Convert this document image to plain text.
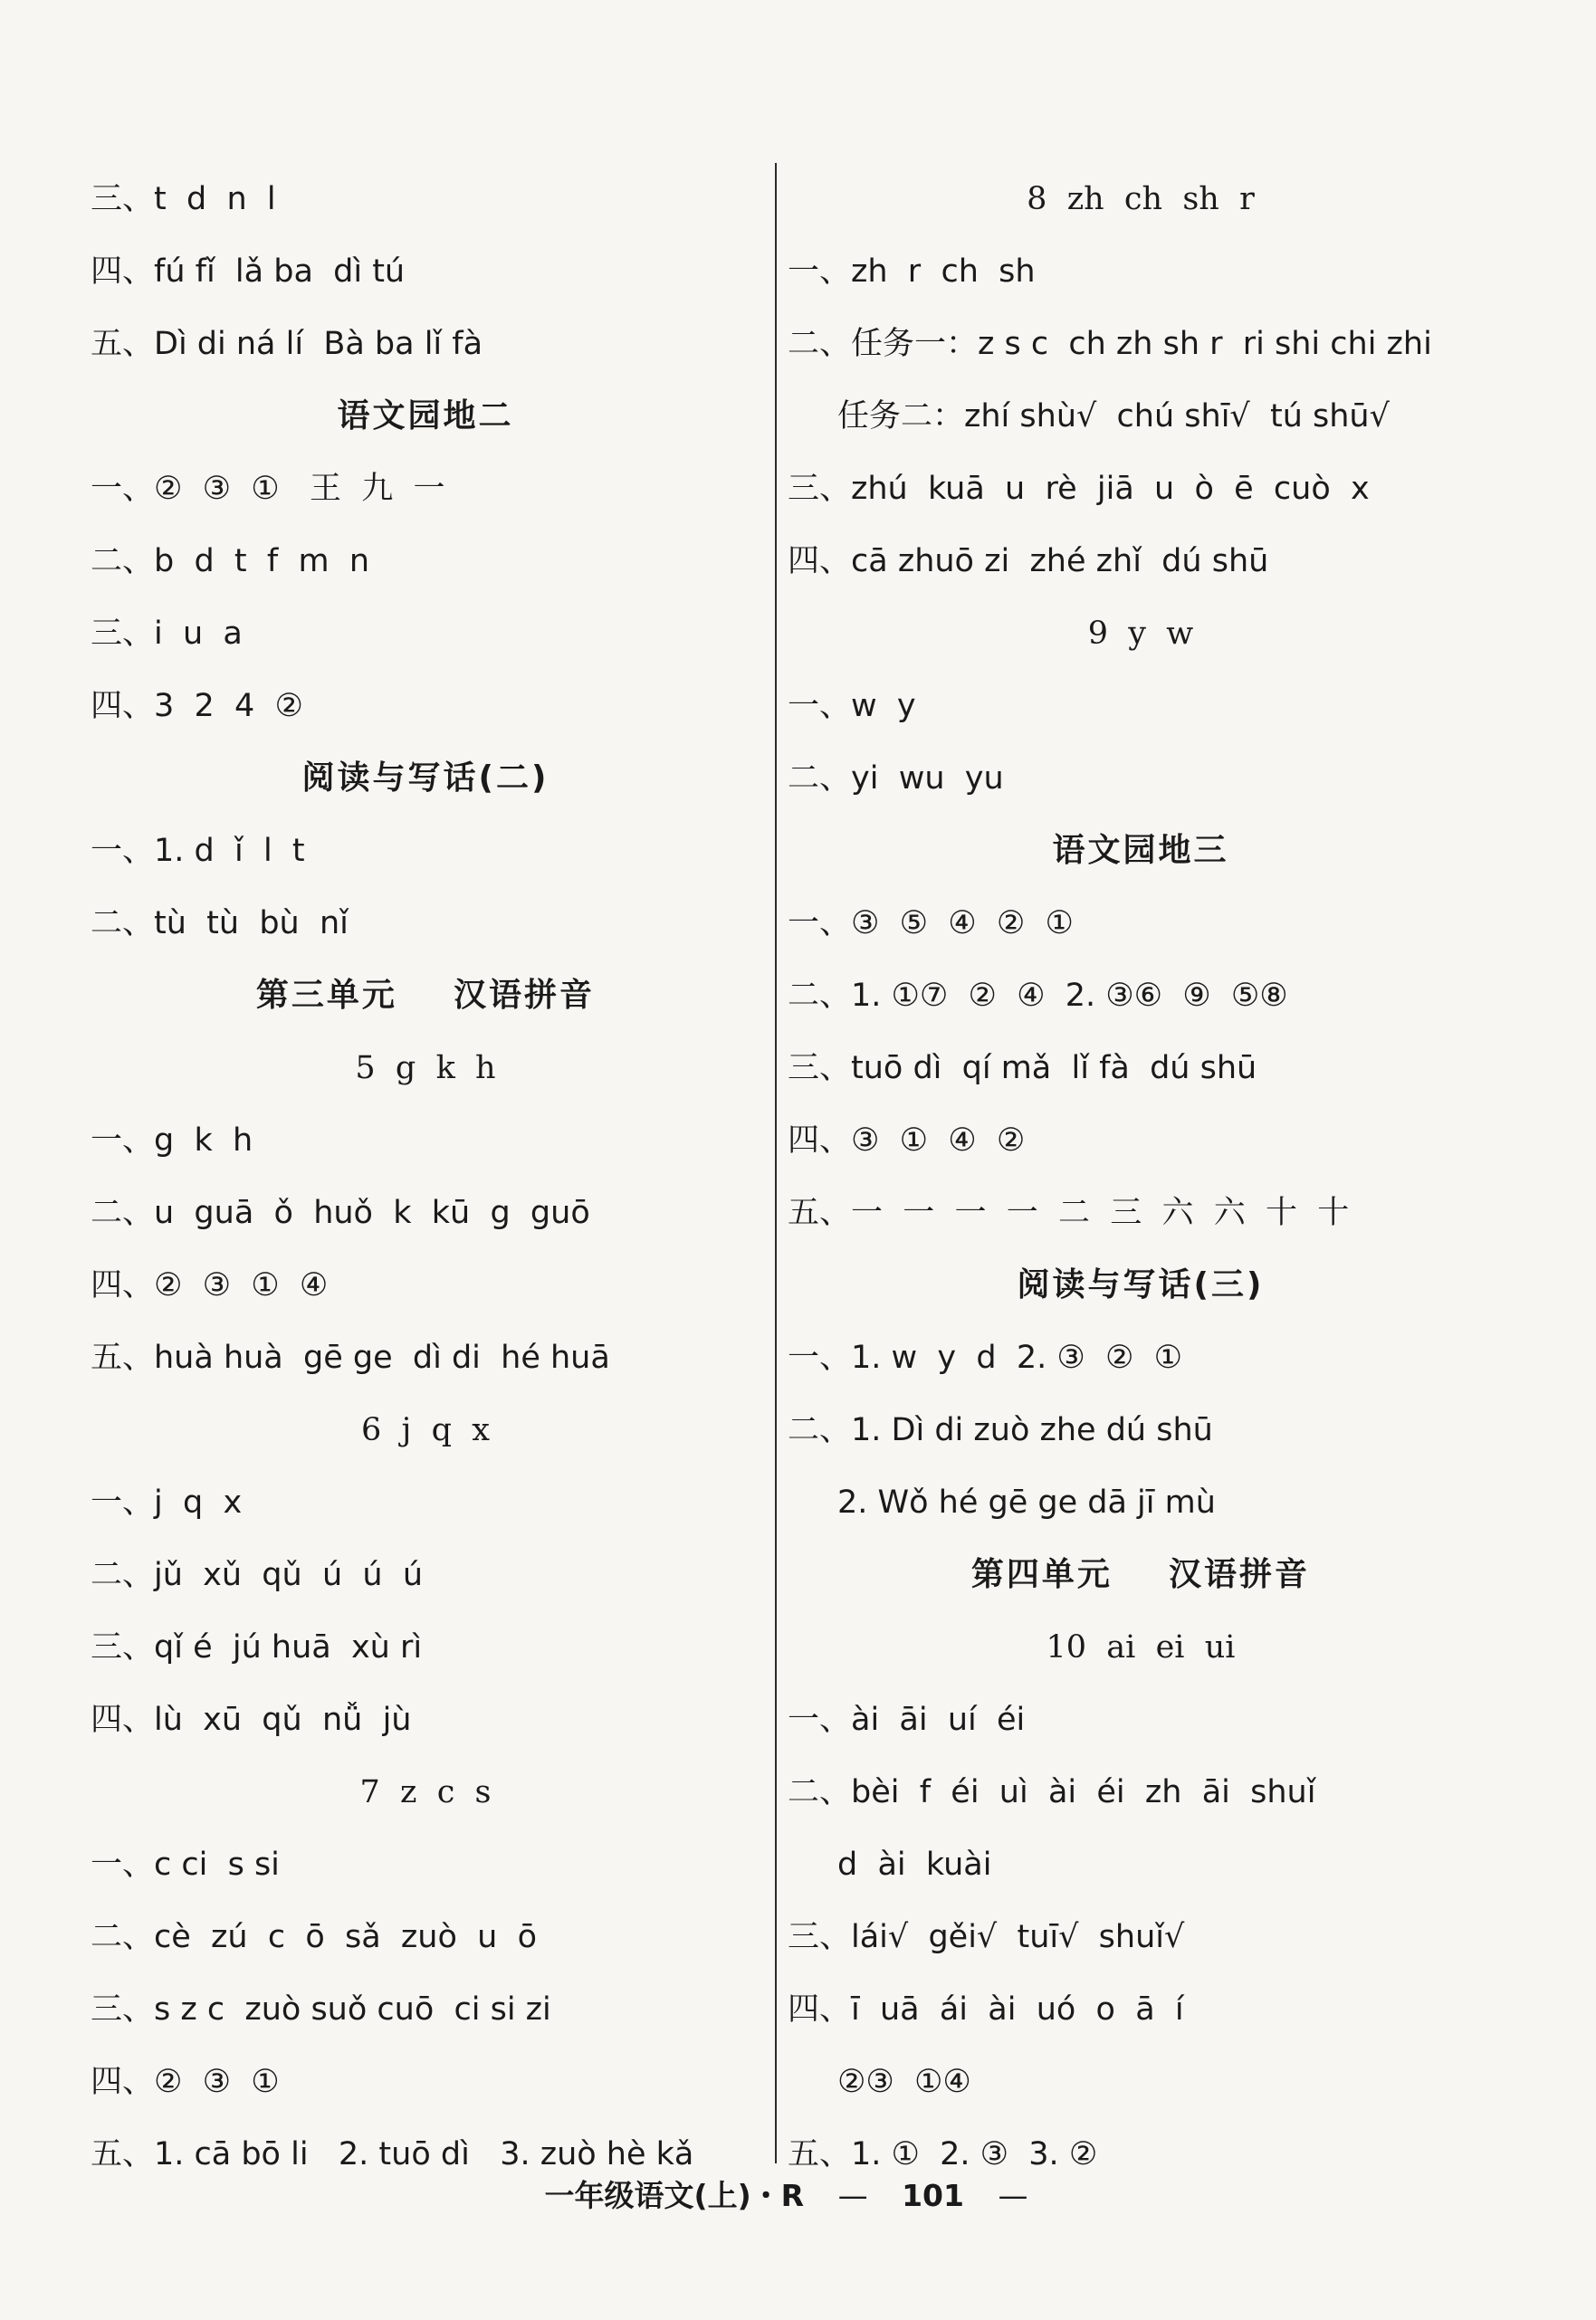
三、t  d  n  l
四、fú fǐ  lǎ ba  dì tú
五、Dì di ná lí  Bà ba lǐ fà
语文园地二
一、②  ③  ①   王  九  一
二、b  d  t  f  m  n
三、i  u  a
四、3  2  4  ②
阅读与写话(二)
一、1. d  ǐ  l  t
二、tù  tù  bù  nǐ
第三单元    汉语拼音
5  g  k  h
一、g  k  h
二、u  guā  ǒ  huǒ  k  kū  g  guō
四、②  ③  ①  ④
五、huà huà  gē ge  dì di  hé huā
6  j  q  x
一、j  q  x
二、jǔ  xǔ  qǔ  ú  ú  ú
三、qǐ é  jú huā  xù rì
四、lù  xū  qǔ  nǚ  jù
7  z  c  s
一、c ci  s si
二、cè  zú  c  ō  sǎ  zuò  u  ō
三、s z c  zuò suǒ cuō  ci si zi
四、②  ③  ①
五、1. cā bō li   2. tuō dì   3. zuò hè kǎ
8  zh  ch  sh  r
一、zh  r  ch  sh
二、任务一：z s c  ch zh sh r  ri shi chi zhi
任务二：zhí shù√  chú shī√  tú shū√
三、zhú  kuā  u  rè  jiā  u  ò  ē  cuò  x
四、cā zhuō zi  zhé zhǐ  dú shū
9  y  w
一、w  y
二、yi  wu  yu
语文园地三
一、③  ⑤  ④  ②  ①
二、1. ①⑦  ②  ④  2. ③⑥  ⑨  ⑤⑧
三、tuō dì  qí mǎ  lǐ fà  dú shū
四、③  ①  ④  ②
五、一  一  一  一  二  三  六  六  十  十
阅读与写话(三)
一、1. w  y  d  2. ③  ②  ①
二、1. Dì di zuò zhe dú shū
2. Wǒ hé gē ge dā jī mù
第四单元    汉语拼音
10  ai  ei  ui
一、ài  āi  uí  éi
二、bèi  f  éi  uì  ài  éi  zh  āi  shuǐ
d  ài  kuài
三、lái√  gěi√  tuī√  shuǐ√
四、ī  uā  ái  ài  uó  o  ā  í
②③  ①④
五、1. ①  2. ③  3. ②
一年级语文(上)・R — 101 —
